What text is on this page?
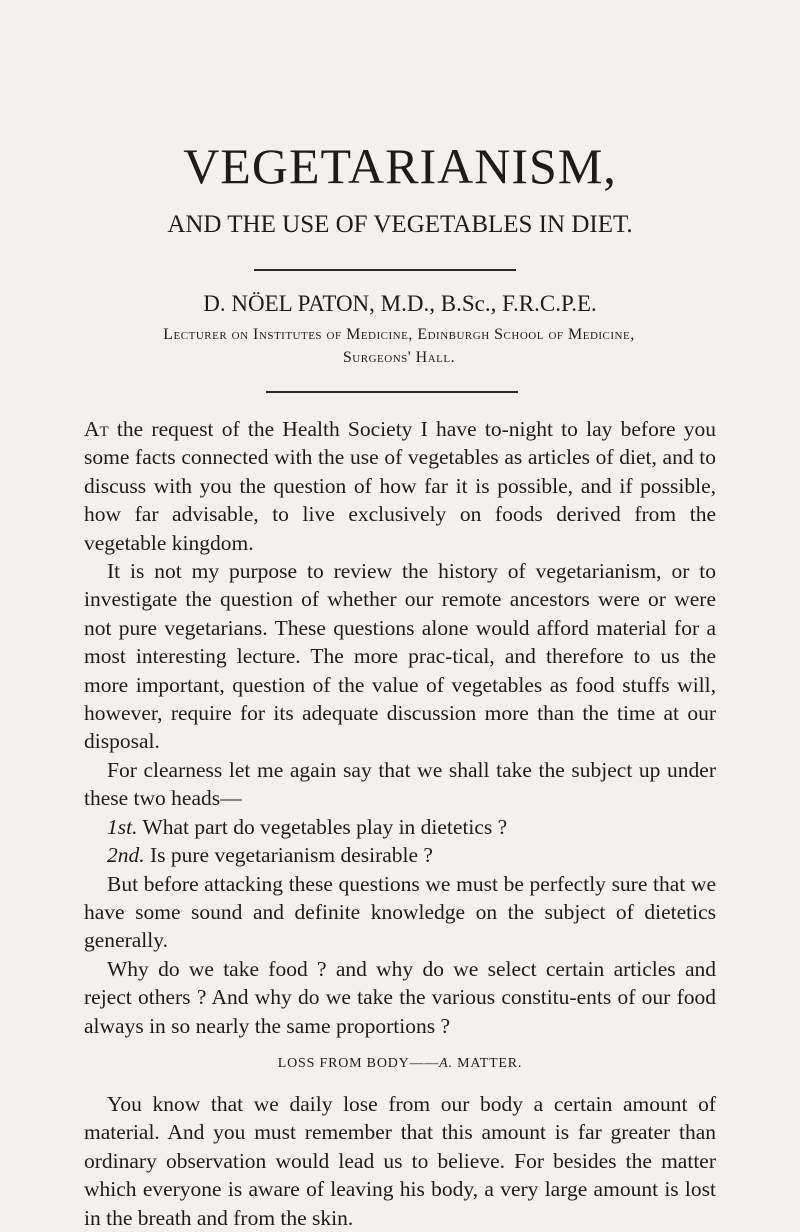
VEGETARIANISM,
AND THE USE OF VEGETABLES IN DIET.
D. NÖEL PATON, M.D., B.Sc., F.R.C.P.E.
Lecturer on Institutes of Medicine, Edinburgh School of Medicine,
Surgeons' Hall.

At the request of the Health Society I have to-night to lay before you some facts connected with the use of vegetables as articles of diet, and to discuss with you the question of how far it is possible, and if possible, how far advisable, to live exclusively on foods derived from the vegetable kingdom.

It is not my purpose to review the history of vegetarianism, or to investigate the question of whether our remote ancestors were or were not pure vegetarians. These questions alone would afford material for a most interesting lecture. The more prac-tical, and therefore to us the more important, question of the value of vegetables as food stuffs will, however, require for its adequate discussion more than the time at our disposal.

For clearness let me again say that we shall take the subject up under these two heads—

1st. What part do vegetables play in dietetics ?

2nd. Is pure vegetarianism desirable ?

But before attacking these questions we must be perfectly sure that we have some sound and definite knowledge on the subject of dietetics generally.

Why do we take food ? and why do we select certain articles and reject others ? And why do we take the various constitu-ents of our food always in so nearly the same proportions ?

LOSS FROM BODY——A. MATTER.

You know that we daily lose from our body a certain amount of material. And you must remember that this amount is far greater than ordinary observation would lead us to believe. For besides the matter which everyone is aware of leaving his body, a very large amount is lost in the breath and from the skin.
